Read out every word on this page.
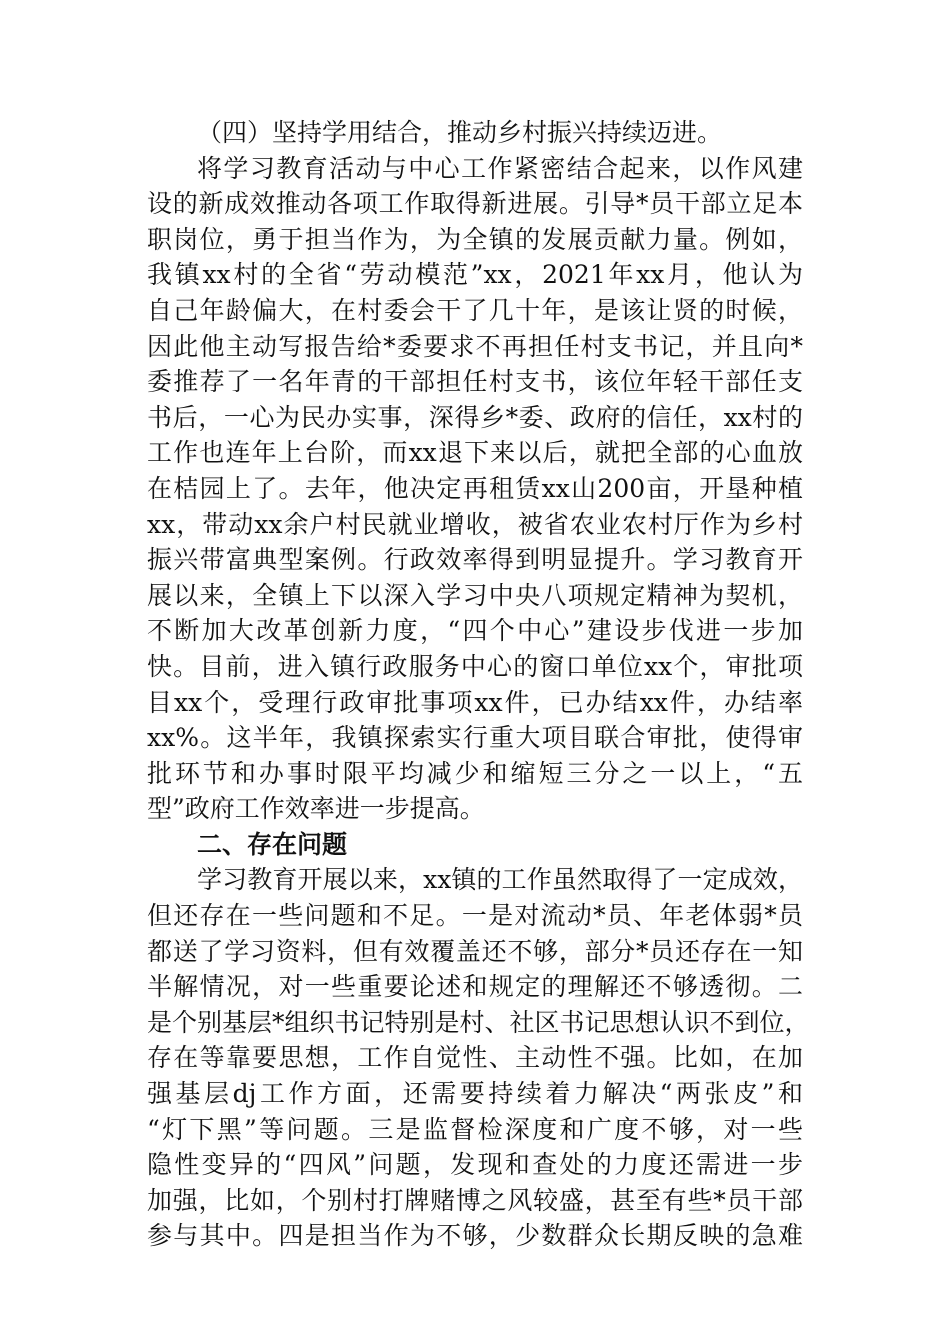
（四）坚持学用结合，推动乡村振兴持续迈进。
将学习教育活动与中心工作紧密结合起来，以作风建
设的新成效推动各项工作取得新进展。引导*员干部立足本
职岗位，勇于担当作为，为全镇的发展贡献力量。例如，
我镇xx村的全省“劳动模范”xx，2021年xx月，他认为
自己年龄偏大，在村委会干了几十年，是该让贤的时候，
因此他主动写报告给*委要求不再担任村支书记，并且向*
委推荐了一名年青的干部担任村支书，该位年轻干部任支
书后，一心为民办实事，深得乡*委、政府的信任，xx村的
工作也连年上台阶，而xx退下来以后，就把全部的心血放
在桔园上了。去年，他决定再租赁xx山200亩，开垦种植
xx，带动xx余户村民就业增收，被省农业农村厅作为乡村
振兴带富典型案例。行政效率得到明显提升。学习教育开
展以来，全镇上下以深入学习中央八项规定精神为契机，
不断加大改革创新力度，“四个中心”建设步伐进一步加
快。目前，进入镇行政服务中心的窗口单位xx个，审批项
目xx个，受理行政审批事项xx件，已办结xx件，办结率
xx%。这半年，我镇探索实行重大项目联合审批，使得审
批环节和办事时限平均减少和缩短三分之一以上，“五
型”政府工作效率进一步提高。
二、存在问题
学习教育开展以来，xx镇的工作虽然取得了一定成效，
但还存在一些问题和不足。一是对流动*员、年老体弱*员
都送了学习资料，但有效覆盖还不够，部分*员还存在一知
半解情况，对一些重要论述和规定的理解还不够透彻。二
是个别基层*组织书记特别是村、社区书记思想认识不到位，
存在等靠要思想，工作自觉性、主动性不强。比如，在加
强基层dj工作方面，还需要持续着力解决“两张皮”和
“灯下黑”等问题。三是监督检深度和广度不够，对一些
隐性变异的“四风”问题，发现和查处的力度还需进一步
加强，比如，个别村打牌赌博之风较盛，甚至有些*员干部
参与其中。四是担当作为不够，少数群众长期反映的急难
